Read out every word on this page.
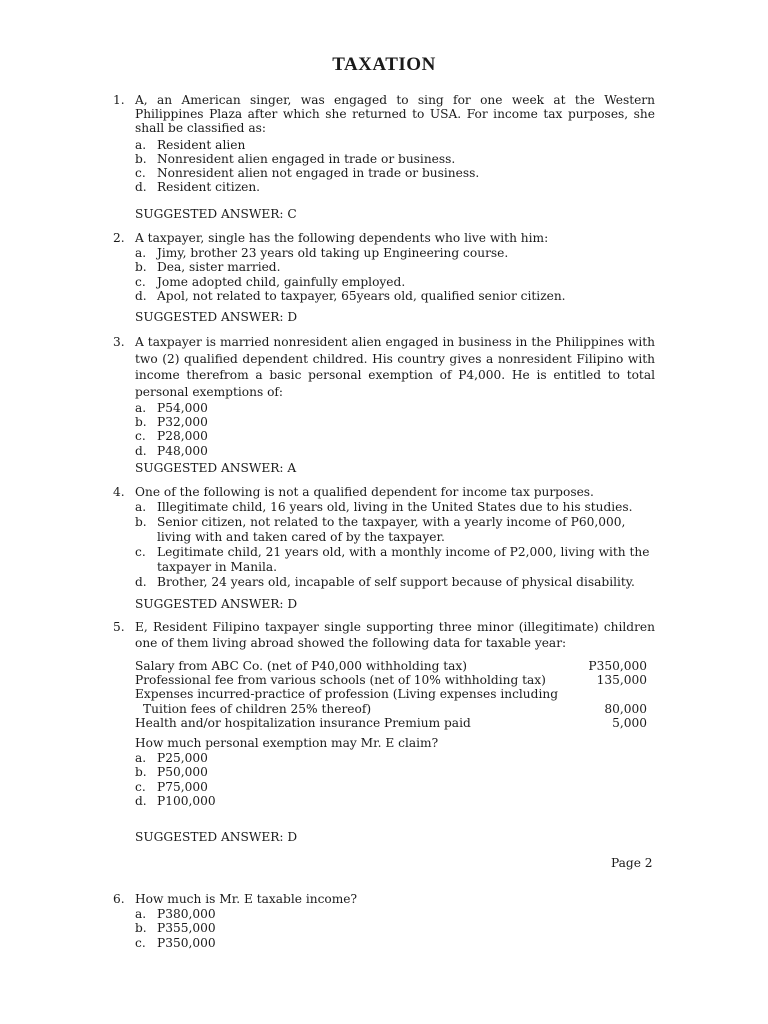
TAXATION
1. A, an American singer, was engaged to sing for one week at the Western Philippines Plaza after which she returned to USA. For income tax purposes, she shall be classified as:
a. Resident alien
b. Nonresident alien engaged in trade or business.
c. Nonresident alien not engaged in trade or business.
d. Resident citizen.
SUGGESTED ANSWER: C
2. A taxpayer, single has the following dependents who live with him:
a. Jimy, brother 23 years old taking up Engineering course.
b. Dea, sister married.
c. Jome adopted child, gainfully employed.
d. Apol, not related to taxpayer, 65years old, qualified senior citizen.
SUGGESTED ANSWER: D
3. A taxpayer is married nonresident alien engaged in business in the Philippines with two (2) qualified dependent childred. His country gives a nonresident Filipino with income therefrom a basic personal exemption of P4,000. He is entitled to total personal exemptions of:
a. P54,000
b. P32,000
c. P28,000
d. P48,000
SUGGESTED ANSWER: A
4. One of the following is not a qualified dependent for income tax purposes.
a. Illegitimate child, 16 years old, living in the United States due to his studies.
b. Senior citizen, not related to the taxpayer, with a yearly income of P60,000, living with and taken cared of by the taxpayer.
c. Legitimate child, 21 years old, with a monthly income of P2,000, living with the taxpayer in Manila.
d. Brother, 24 years old, incapable of self support because of physical disability.
SUGGESTED ANSWER: D
5. E, Resident Filipino taxpayer single supporting three minor (illegitimate) children one of them living abroad showed the following data for taxable year:
Salary from ABC Co. (net of P40,000 withholding tax)	P350,000
Professional fee from various schools (net of 10% withholding tax)	135,000
Expenses incurred-practice of profession (Living expenses including
Tuition fees of children 25% thereof)	80,000
Health and/or hospitalization insurance Premium paid	5,000
How much personal exemption may Mr. E claim?
a. P25,000
b. P50,000
c. P75,000
d. P100,000
SUGGESTED ANSWER: D
Page 2
6. How much is Mr. E taxable income?
a. P380,000
b. P355,000
c. P350,000
